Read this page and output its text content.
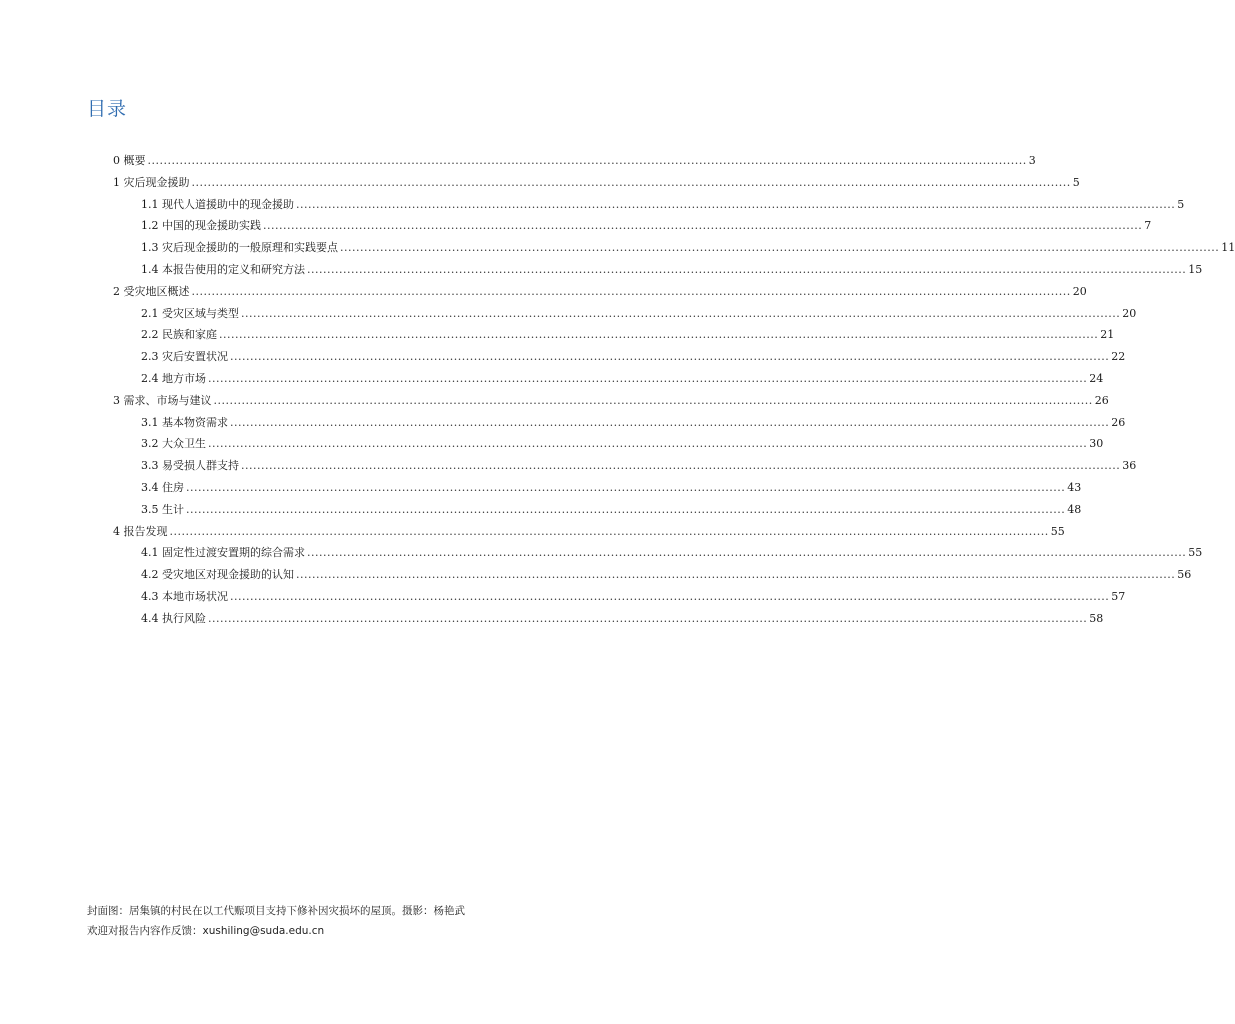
目录
0 概要 ............................................................................................................................................................................................................................ 3
1 灾后现金援助 ............................................................................................................................................................................................................................ 5
1.1 现代人道援助中的现金援助 ............................................................................................................................................................................................................................ 5
1.2 中国的现金援助实践 ............................................................................................................................................................................................................................ 7
1.3 灾后现金援助的一般原理和实践要点 ............................................................................................................................................................................................................................ 11
1.4 本报告使用的定义和研究方法 ............................................................................................................................................................................................................................ 15
2 受灾地区概述 ............................................................................................................................................................................................................................ 20
2.1 受灾区域与类型 ............................................................................................................................................................................................................................ 20
2.2 民族和家庭 ............................................................................................................................................................................................................................ 21
2.3 灾后安置状况 ............................................................................................................................................................................................................................ 22
2.4 地方市场 ............................................................................................................................................................................................................................ 24
3 需求、市场与建议 ............................................................................................................................................................................................................................ 26
3.1 基本物资需求 ............................................................................................................................................................................................................................ 26
3.2 大众卫生 ............................................................................................................................................................................................................................ 30
3.3 易受损人群支持 ............................................................................................................................................................................................................................ 36
3.4 住房 ............................................................................................................................................................................................................................ 43
3.5 生计 ............................................................................................................................................................................................................................ 48
4 报告发现 ............................................................................................................................................................................................................................ 55
4.1 固定性过渡安置期的综合需求 ............................................................................................................................................................................................................................ 55
4.2 受灾地区对现金援助的认知 ............................................................................................................................................................................................................................ 56
4.3 本地市场状况 ............................................................................................................................................................................................................................ 57
4.4 执行风险 ............................................................................................................................................................................................................................ 58
封面图：居集镇的村民在以工代赈项目支持下修补因灾损坏的屋顶。摄影：杨艳武
欢迎对报告内容作反馈：xushiling@suda.edu.cn
